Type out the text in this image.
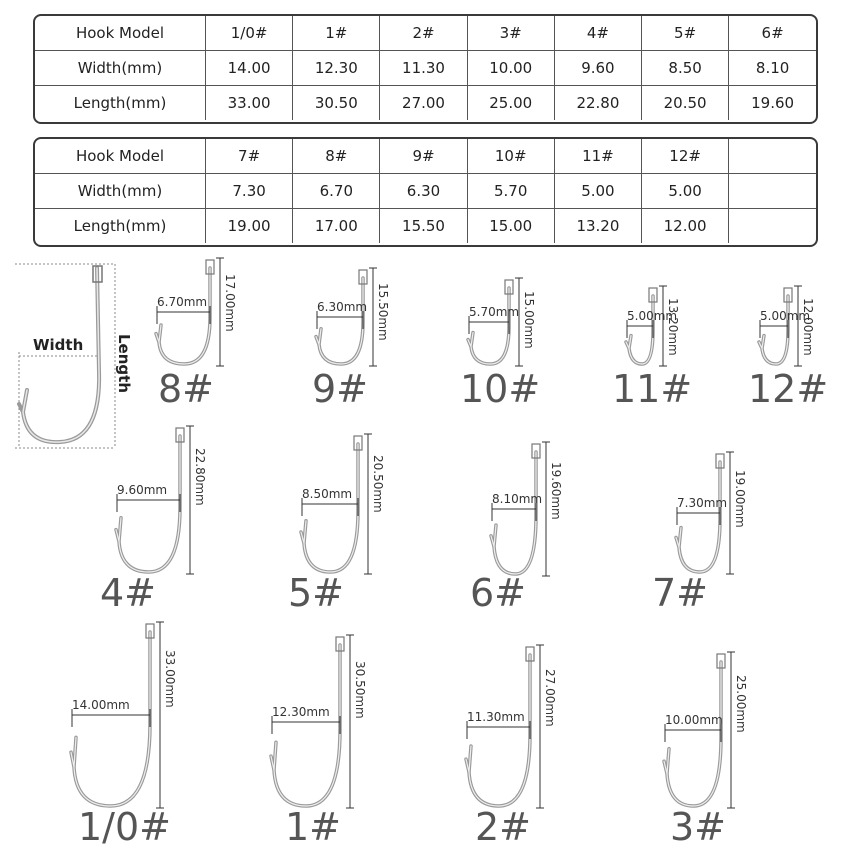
Hook Model	1/0#	1#	2#	3#	4#	5#	6#
Width(mm)	14.00	12.30	11.30	10.00	9.60	8.50	8.10
Length(mm)	33.00	30.50	27.00	25.00	22.80	20.50	19.60
Hook Model	7#	8#	9#	10#	11#	12#	
Width(mm)	7.30	6.70	6.30	5.70	5.00	5.00	
Length(mm)	19.00	17.00	15.50	15.00	13.20	12.00	
Width Length
6.70mm 17.00mm
8#
6.30mm 15.50mm
9#
5.70mm 15.00mm
10#
5.00mm
13.20mm
11#
5.00mm
12.00mm
12#
9.60mm 22.80mm
4#
8.50mm 20.50mm
5#
8.10mm 19.60mm
6#
7.30mm 19.00mm
7#
14.00mm	33.00mm
1/0#
12.30mm 30.50mm
1#
11.30mm 27.00mm
2#
10.00mm 25.00mm
3#
